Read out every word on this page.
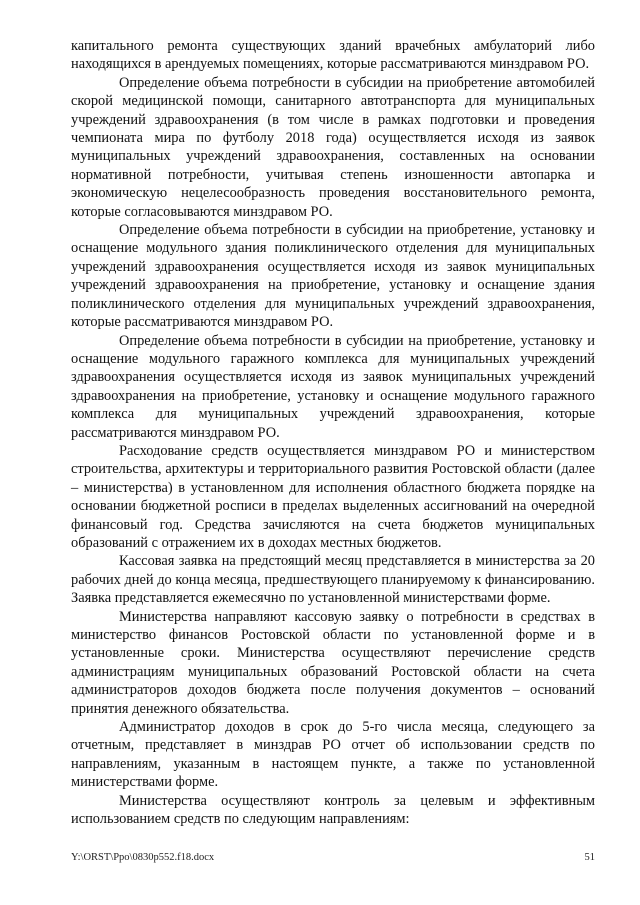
капитального ремонта существующих зданий врачебных амбулаторий либо находящихся в арендуемых помещениях, которые рассматриваются минздравом РО.

Определение объема потребности в субсидии на приобретение автомобилей скорой медицинской помощи, санитарного автотранспорта для муниципальных учреждений здравоохранения (в том числе в рамках подготовки и проведения чемпионата мира по футболу 2018 года) осуществляется исходя из заявок муниципальных учреждений здравоохранения, составленных на основании нормативной потребности, учитывая степень изношенности автопарка и экономическую нецелесообразность проведения восстановительного ремонта, которые согласовываются минздравом РО.

Определение объема потребности в субсидии на приобретение, установку и оснащение модульного здания поликлинического отделения для муниципальных учреждений здравоохранения осуществляется исходя из заявок муниципальных учреждений здравоохранения на приобретение, установку и оснащение здания поликлинического отделения для муниципальных учреждений здравоохранения, которые рассматриваются минздравом РО.

Определение объема потребности в субсидии на приобретение, установку и оснащение модульного гаражного комплекса для муниципальных учреждений здравоохранения осуществляется исходя из заявок муниципальных учреждений здравоохранения на приобретение, установку и оснащение модульного гаражного комплекса для муниципальных учреждений здравоохранения, которые рассматриваются минздравом РО.

Расходование средств осуществляется минздравом РО и министерством строительства, архитектуры и территориального развития Ростовской области (далее – министерства) в установленном для исполнения областного бюджета порядке на основании бюджетной росписи в пределах выделенных ассигнований на очередной финансовый год. Средства зачисляются на счета бюджетов муниципальных образований с отражением их в доходах местных бюджетов.

Кассовая заявка на предстоящий месяц представляется в министерства за 20 рабочих дней до конца месяца, предшествующего планируемому к финансированию. Заявка представляется ежемесячно по установленной министерствами форме.

Министерства направляют кассовую заявку о потребности в средствах в министерство финансов Ростовской области по установленной форме и в установленные сроки. Министерства осуществляют перечисление средств администрациям муниципальных образований Ростовской области на счета администраторов доходов бюджета после получения документов – оснований принятия денежного обязательства.

Администратор доходов в срок до 5-го числа месяца, следующего за отчетным, представляет в минздрав РО отчет об использовании средств по направлениям, указанным в настоящем пункте, а также по установленной министерствами форме.

Министерства осуществляют контроль за целевым и эффективным использованием средств по следующим направлениям:

Y:\ORST\Ppo\0830p552.f18.docx	51
